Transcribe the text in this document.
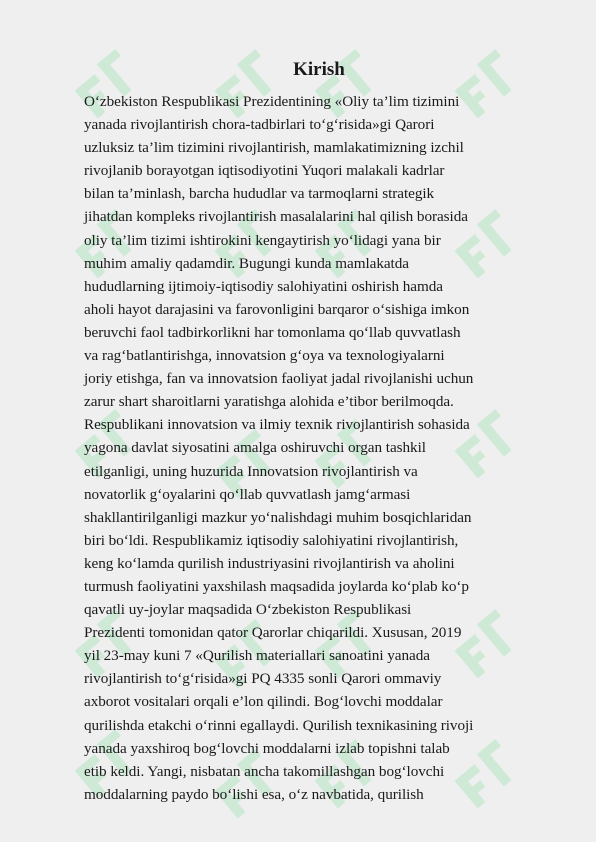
Kirish
O‘zbekiston Respublikasi Prezidentining «Oliy ta’lim tizimini
yanada rivojlantirish chora-tadbirlari to‘g‘risida»gi Qarori
uzluksiz ta’lim tizimini rivojlantirish, mamlakatimizning izchil
rivojlanib borayotgan iqtisodiyotini Yuqori malakali kadrlar
bilan ta’minlash, barcha hududlar va tarmoqlarni strategik
jihatdan kompleks rivojlantirish masalalarini hal qilish borasida
oliy ta’lim tizimi ishtirokini kengaytirish yo‘lidagi yana bir
muhim amaliy qadamdir. Bugungi kunda mamlakatda
hududlarning ijtimoiy-iqtisodiy salohiyatini oshirish hamda
aholi hayot darajasini va farovonligini barqaror o‘sishiga imkon
beruvchi faol tadbirkorlikni har tomonlama qo‘llab quvvatlash
va rag‘batlantirishga, innovatsion g‘oya va texnologiyalarni
joriy etishga, fan va innovatsion faoliyat jadal rivojlanishi uchun
zarur shart sharoitlarni yaratishga alohida e’tibor berilmoqda.
Respublikani innovatsion va ilmiy texnik rivojlantirish sohasida
yagona davlat siyosatini amalga oshiruvchi organ tashkil
etilganligi, uning huzurida Innovatsion rivojlantirish va
novatorlik g‘oyalarini qo‘llab quvvatlash jamg‘armasi
shakllantirilganligi mazkur yo‘nalishdagi muhim bosqichlaridan
biri bo‘ldi. Respublikamiz iqtisodiy salohiyatini rivojlantirish,
keng ko‘lamda qurilish industriyasini rivojlantirish va aholini
turmush faoliyatini yaxshilash maqsadida joylarda ko‘plab ko‘p
qavatli uy-joylar maqsadida O‘zbekiston Respublikasi
Prezidenti tomonidan qator Qarorlar chiqarildi. Xususan, 2019
yil 23-may kuni 7 «Qurilish materiallari sanoatini yanada
rivojlantirish to‘g‘risida»gi PQ 4335 sonli Qarori ommaviy
axborot vositalari orqali e’lon qilindi. Bog‘lovchi moddalar
qurilishda etakchi o‘rinni egallaydi. Qurilish texnikasining rivoji
yanada yaxshiroq bog‘lovchi moddalarni izlab topishni talab
etib keldi. Yangi, nisbatan ancha takomillashgan bog‘lovchi
moddalarning paydo bo‘lishi esa, o‘z navbatida, qurilish
